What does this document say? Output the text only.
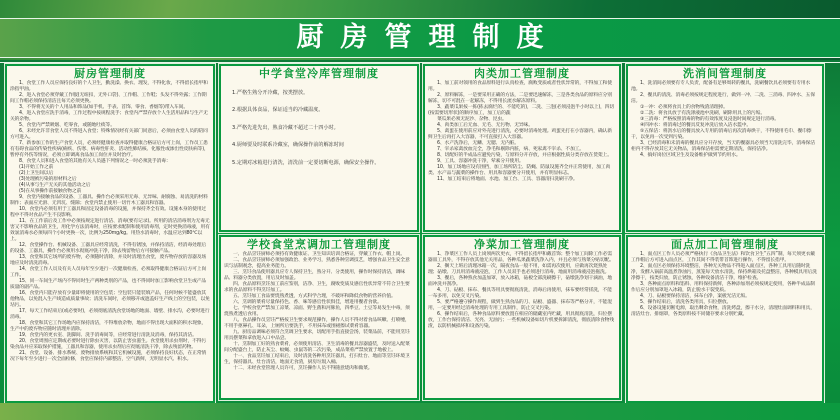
厨房管理制度
厨房管理制度

1、食堂工作人员应保持良好的个人卫生，勤洗澡、换衣、理发，不得化妆，不得留长指甲和涂指甲油。

2、进入食堂必须穿戴工作服(无纽扣，无外口袋)、工作帽、工作鞋；头发不得外露；工作期间工作帽必须保持清洁且每天必须更换。

3、不得将无关的个人用品和饰品(如手机、手表、首饰、零食、香烟等)带入车间。

4、进入食堂应洗手消毒，工作过程中按规程洗手；食堂内严禁存放个人生活用品和与生产无关的杂物。

5、食堂内严禁吸烟、吃零食，或随地吐痰等。

6、未经允许非食堂人员不得进入食堂；特殊情况经有关部门同意后，必须由食堂人员的陪同方可进入。

7、新参加工作的生产食堂人员，必须经健康检查并取得健康合格证后方可上岗，工作员工患有有碍食品的传染性疾病(痢疾、伤寒、病毒性肝炎、活动性肺结核、化脓性或渗出性皮肤病等)，暂停有外伤等情况，必须立即调离食品加工岗位并及时治疗。

8、食堂人员和进入食堂的其他有关人员遇下列情况之一时必须洗手消毒：

(1)开始工作之前

(2)上卫生间以后

(3)处理被污染的原材料之后

(4)从事与生产无关的其他活动之后

(5)在从事操作前接触食物之前

9、食堂内接触食品的设备、工器具、操作台必须采用无毒、无异味、耐腐蚀、易清洗的材料制作；表面应光滑、无凹坑、缝隙；食堂内禁止使用一切竹木工器具和容器。

10、食堂内必须有用于工器具和固定设备消毒的设施，并保持齐全有效。设施本身的使用过程中不得对食品产生不良影响。

11、在工作前后及工作中必须按规定进行清洁、消毒(要有记录)。所用的清洁消毒剂为无毒无害又不影响食品的卫生，用化学方法消毒时，应按要求配制和使用消毒剂，定时更换消毒液，用有效氯消毒水必须每四个小时更换一次，比例为250mg/kg。用热水消毒时，水温应达到80℃以上。

12、食堂操作台、机械设备、工器具应经常清洗，不得有锈蚀，并保持清洁，经消毒处理后的设备、工器具，操作台必须用水彻底冲洗干净，除去残留物后方可接触产品。

13、食堂和其它场所的废弃物，必须随时清除，并及时清理出食堂，废弃物存放的容器及场地应及时清洗消毒。

14、食堂工作人员及有关人员每年至少进行一次健康检查，必须取得健康合格证后方可上岗工作。

15、同一车间生产场内不得同时生产两种类别的产品，也不得同时加工影响食堂卫生或产品质量的副产品。

16、食堂内只能存放有少量即将使用的空包装；空包装只能装填产品，任何时候不能盛放其他物品，以免混入生产线造成质量事故；清洗车间时，必须移开或遮盖好生产线上的空包装，以免玷污。

17、每天工作结束后(或必要时)，必须彻底清洗食堂场地的地面、墙壁、排水沟，必要时进行消毒。

18、食堂和其它工作场地内应保持清洁，不得堆放杂物，地面不得出现大面积的积水现象，生产中的废弃物应随时清理并清除。

19、食堂内的更衣室、洗脚间、洗手消毒间等，应经常进行清洗及消毒，保持其清洁。

20、食堂周围应定期或必要时进行除虫灭害，以防止害虫滋生。食堂使用杀虫剂时，不得污染食品并应采取保护措施，工器具和容器，使用杀虫剂后应彻底清洗干净，除去残留药物。

21、食堂、设备、排水系统、废物排放系统和其它机械设施，必须保持良好状态，在正常情况下每年至少进行一次全面检修，食堂应保持内部整洁，空气新鲜，无明显水汽、积水。

中学食堂冷库管理制度

1.严格生熟分开冷藏，按类摆放。

2.根据具体食品，保证适当的冷藏温度。

3.严格先进先出，熟食冷藏不超过二十四小时。

4.厨师要及时联系冷藏室，确保操作前的解冻时间

5.定期对冰箱进行清洗，清洗前一定要切断电源，确保安全操作。

学校食堂烹调加工管理制度

一、食品烹饪厨师必须持有效健康证、卫生知识培训合格证，穿戴工作衣、帽上岗。

二、食品烹饪厨师必须加强政治、业务学习，熟悉各种烹调技艺，增强食品卫生安全意识与法制观念，提高业务能力。

三、烹饪食品使用器具应专人保持卫生，熟分开、分类使用，操作时保持清洁，调味品、料器分类放置，用后及时加盖。

四、食品原料烹饪加工前应鉴别，洁净、卫生，腐败变质及感官性状异常不符合卫生要求的食品原料不得烹饪加工。

五、烹饪加工食品要烧熟煮透，方式科学合理，不破坏和降低食物的营养价值。

六、烹调的菜肴尽量保持色、香、味等感官性状俱佳，增进用餐者食欲。

七、学校食堂严禁加工凉菜、凉面、野生菌和河豚鱼，四季豆、土豆等易发生中毒，须烧熟煮透后食用。

八、食品操作员烹饪严格按卫生要求规范操作，操作人员不得对着食品咳嗽、打喷嚏，不用手抠鼻孔、耳朵，上厕所后要洗手，不用抹布或围裙擦试菜肴容器。

九、厨房品调味必须符合烹调卫生要求，切配用手指直接尝汤，装菜品前，不能用烹饪用具摆菜和拿放进入口中品尝。

十、烹制加工好的熟食菜肴，必须使用清洁、卫生消毒的餐具容器盛装，及时送入配菜间分配盛台上，防止灰尘、蚊蝇、虫鼠等的二次污染，成品菜肴严禁放置于地板上。

十一、食品烹饪加工结束后，及时清洗各种用烹饪器具，打扫灶台、地面等烹饪环境卫生，保持器具、灶台清洁，地面无食渣，厨房垃圾入桶。

十二、未经食堂管理人员许可，烹饪操作人员不得随意烧肉和做菜。

肉类加工管理制度

1、加工前对领用的食品原料进行认真检查，腐败变质或者性状异常的，不得加工和使用。

2、原料解冻，一是要采用正确的方法，二是要迅速解冻，三是各类食品的原料应分别解冻，切不可混在一起解冻，不得用长流水解冻原料。

3、蔬菜瓜果按一拣(拣去腐烂的、不能吃的)，二洗、三泡(必须浸泡半小时以上)，四切(按需要切形状)的顺序加工，加工后的蔬

菜瓜果必须无泥沙、杂物、昆虫。

4、肉类加工后无血、无毛、无污物、无异味。

5、禽蛋在使用前应对外壳进行清洗，必要时消毒处理。鸡蛋先打在小容器内，确认新鲜卫生后再打入大容器，不可直接打入大容器。

6、水产洗净后，无鳞、无腮、无内脏。

7、宰杀家禽放血完全，净毛和剔除内脏，病、死家禽不宰杀、不加工。

8、切配好的半成品应避免污染，与原料分开存放，并应根据性质分类存放在货架上。

9、工具、容器冲洗干净，荤素分开使用。

10、加工场地应设有围挡，加工场所防尘、防蝇、防鼠设施齐全并正常使用，加工肉类、水产品与蔬菜的操作台、用具和容器要分开使用，并有明显标志。

11、加工结束后将地面、水池、加工台、工具、容器清扫洗刷干净。

净菜加工管理制度

1、净菜区工作人员上岗须两次更衣，不得留长指甲和戴首饰；整个加工间除工作必需器皿工具外，不得存放其他无关用品，各种瓜果蔬菜洗净入内，并且必须与熟菜分贴切配。

2、搁天上班后清理冰箱一次，隔夜食品一般不用，如需再次使用，应做再次烧熟处理；砧墩、刀具用消毒液浸泡，工作人员双手也必须进行消毒，地面用消毒液浸泡拖洗。

3、餐后，各种熟食加盖加罩，放入冰箱，砧板全部洗刷擦干，砧墩洗净划干滴油，地面冲洗并刮净。

4、刀、砧板、抹布、餐具等用具要彻底清洗，消毒后再使用，抹布要经常搓洗，不能一布多用，以免交叉污染。

5、要严格遵守操作规程，做到生熟食品的刀、砧板、盛器、抹布等严格分开，不能混用，一定要用经过消毒处理的专用工具制作，防止交叉污染。

6、操作结束后，各种食品原料要放置在相应的储藏室内贮藏，用具彻底清洗，归位摆放，工作台保持清洁、光亮、无油污；一些机械设备如切片机要拆卸清洗，彻底清除食物残渣，以防机械损坏和设备污染。

洗消间管理制度

1、洗消间必须要有专人负责，配备有足够周转的餐具，洗刷餐饮具必须要有专用水池。

2、餐具的清洗、消毒必须按规定程度进行，做到一冲、二洗、三消毒、四冲水、五保洁。

①一冲：必须将食具上的食物残渣清理掉。

②二洗：将食具放于有洗涤液池中洗刷，刷除用具上的污垢。

③三消毒：严格按照消毒的物的有效浓度及浸泡时间规定进行消毒。

④四冲水：将消毒过的餐具反复冲洗后放入洁水篮中。

⑤五保洁：将沥水后的餐具放入专用的消毒后再次消毒烘干，不得使用毛巾、餐巾擦干，以免再一次受到污染。

3、已经消毒和未消毒的餐具应分开存放，当天的餐器具必须当天清洗完毕，消毒保洁柜内不得存放其它无关物品，消毒保洁柜需要定期清洗，保持洁净。

4、搞好岗位区域卫生及设备维护做到节约用水。

面点加工间管理制度

1、面点区工作人员必须严格执行《食品卫生法》和饮食卫生“五四”制，每天须更衣戴工作帽后方可进入面点区，工作其间不得装带首饰进行操作，不得留长指甲。

2、面点区必须保持环境整洁，各种无关物品不得进入面点区，各种工具用后随时洗净，发酵入锅前高温煮净油污，蒸笼每天放水清洗，保持烘箱及托盘整洁，各种模具用后洗净擦干，按类归放，防止锈蚀，各种设备清洁干净，维护检查。

3、各种面点原料和馅料、用料保持新鲜，各种添加剂必须按规定使用，各种半成品制作后应分别加罩进入冰箱，防止脱水干裂变质。

4、刀、砧板要保持清洁，抹布白净，案板光洁无垢。

5、操作结束后，清洗各类用具，归位摆放。

6、设备设施切断电源，取出剩余食物，清洗烤盘，擦干水分，清理灶面调料和用具，清洁灶台、排烟罩，各类原料按不同储存要求分别贮藏。
